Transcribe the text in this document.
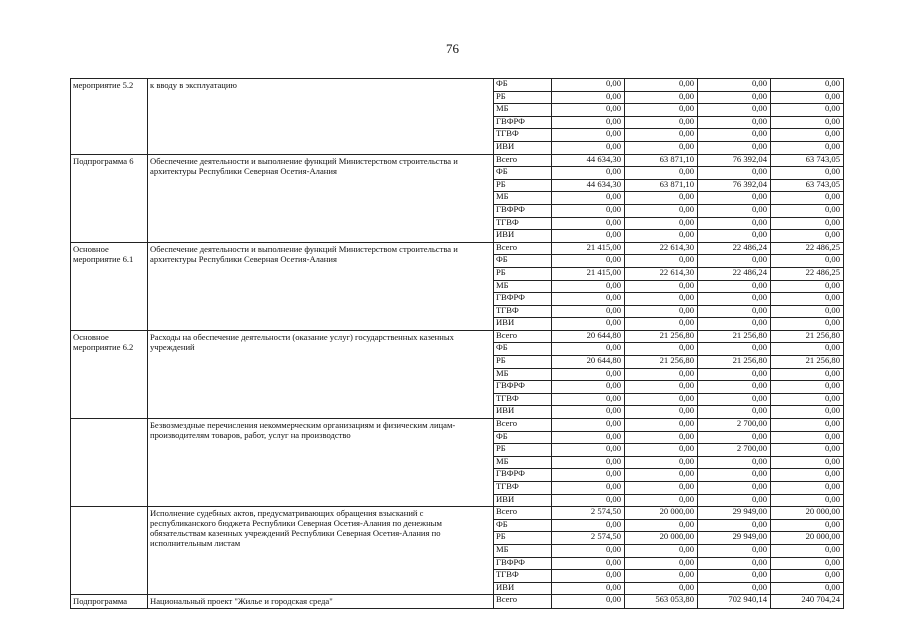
76
мероприятие 5.2	к вводу в эксплуатацию	ФБ	0,00	0,00	0,00	0,00
		РБ	0,00	0,00	0,00	0,00
		МБ	0,00	0,00	0,00	0,00
		ГВФРФ	0,00	0,00	0,00	0,00
		ТГВФ	0,00	0,00	0,00	0,00
		ИВИ	0,00	0,00	0,00	0,00
Подпрограмма 6	Обеспечение деятельности и выполнение функций Министерством строительства и архитектуры Республики Северная Осетия-Алания	Всего	44 634,30	63 871,10	76 392,04	63 743,05
		ФБ	0,00	0,00	0,00	0,00
		РБ	44 634,30	63 871,10	76 392,04	63 743,05
		МБ	0,00	0,00	0,00	0,00
		ГВФРФ	0,00	0,00	0,00	0,00
		ТГВФ	0,00	0,00	0,00	0,00
		ИВИ	0,00	0,00	0,00	0,00
Основное мероприятие 6.1	Обеспечение деятельности и выполнение функций Министерством строительства и архитектуры Республики Северная Осетия-Алания	Всего	21 415,00	22 614,30	22 486,24	22 486,25
		ФБ	0,00	0,00	0,00	0,00
		РБ	21 415,00	22 614,30	22 486,24	22 486,25
		МБ	0,00	0,00	0,00	0,00
		ГВФРФ	0,00	0,00	0,00	0,00
		ТГВФ	0,00	0,00	0,00	0,00
		ИВИ	0,00	0,00	0,00	0,00
Основное мероприятие 6.2	Расходы на обеспечение деятельности (оказание услуг) государственных казенных учреждений	Всего	20 644,80	21 256,80	21 256,80	21 256,80
		ФБ	0,00	0,00	0,00	0,00
		РБ	20 644,80	21 256,80	21 256,80	21 256,80
		МБ	0,00	0,00	0,00	0,00
		ГВФРФ	0,00	0,00	0,00	0,00
		ТГВФ	0,00	0,00	0,00	0,00
		ИВИ	0,00	0,00	0,00	0,00
	Безвозмездные перечисления некоммерческим организациям и физическим лицам-производителям товаров, работ, услуг на производство	Всего	0,00	0,00	2 700,00	0,00
		ФБ	0,00	0,00	0,00	0,00
		РБ	0,00	0,00	2 700,00	0,00
		МБ	0,00	0,00	0,00	0,00
		ГВФРФ	0,00	0,00	0,00	0,00
		ТГВФ	0,00	0,00	0,00	0,00
		ИВИ	0,00	0,00	0,00	0,00
	Исполнение судебных актов, предусматривающих обращения взысканий с республиканского бюджета Республики Северная Осетия-Алания по денежным обязательствам казенных учреждений Республики Северная Осетия-Алания по исполнительным листам	Всего	2 574,50	20 000,00	29 949,00	20 000,00
		ФБ	0,00	0,00	0,00	0,00
		РБ	2 574,50	20 000,00	29 949,00	20 000,00
		МБ	0,00	0,00	0,00	0,00
		ГВФРФ	0,00	0,00	0,00	0,00
		ТГВФ	0,00	0,00	0,00	0,00
		ИВИ	0,00	0,00	0,00	0,00
Подпрограмма	Национальный проект "Жилье и городская среда"	Всего	0,00	563 053,80	702 940,14	240 704,24
